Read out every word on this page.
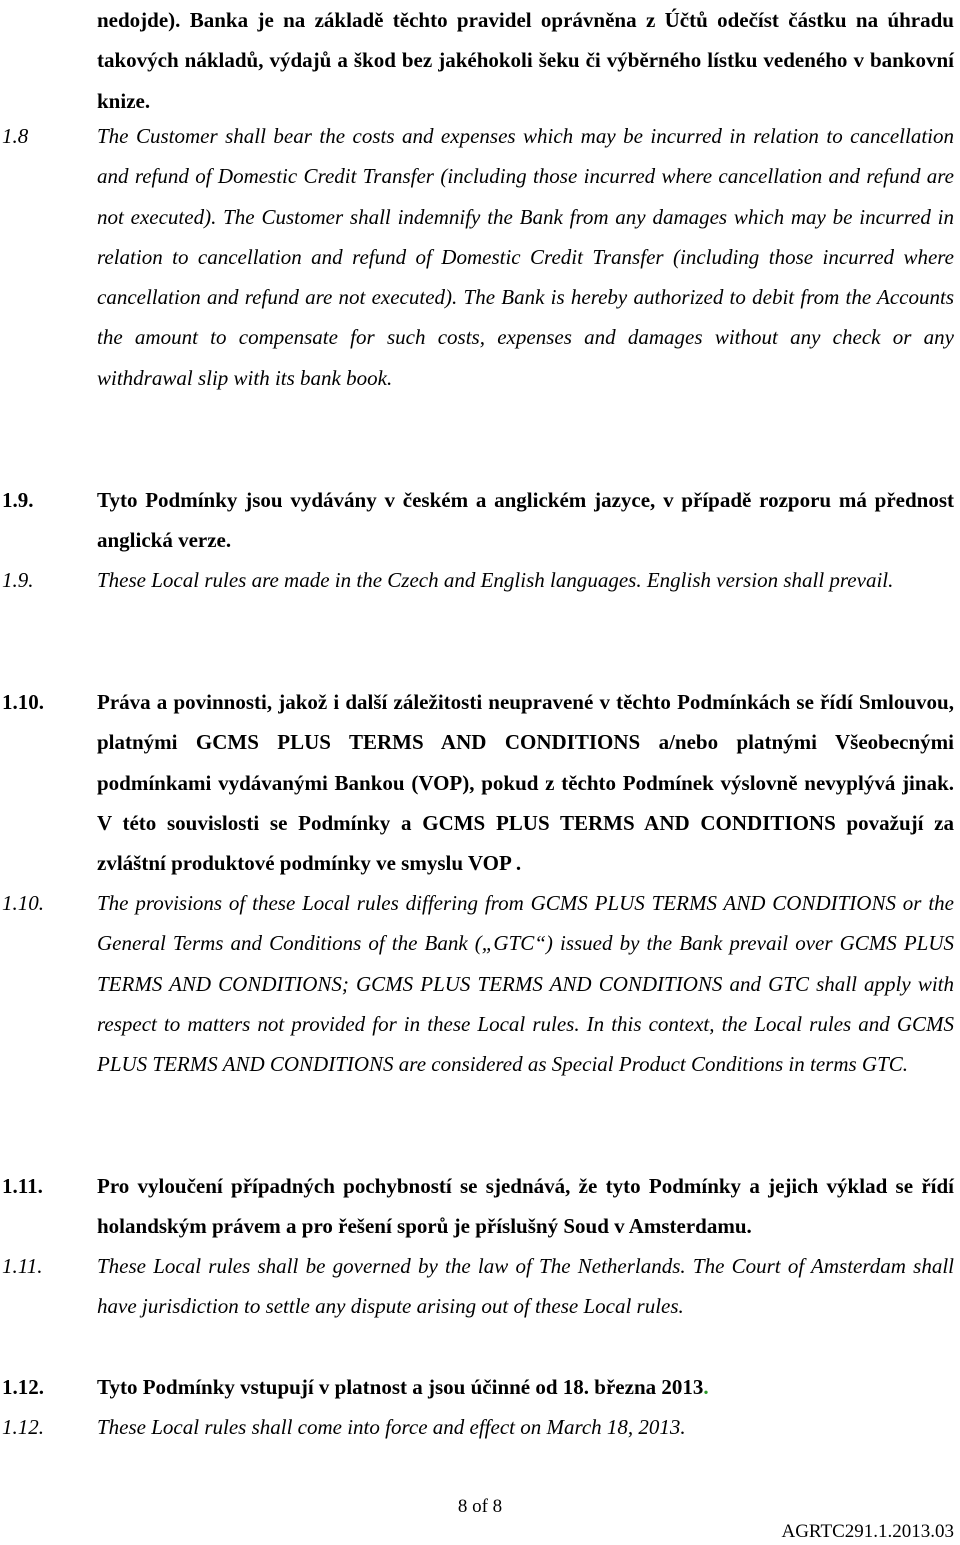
nedojde). Banka je na základě těchto pravidel oprávněna z Účtů odečíst částku na úhradu takových nákladů, výdajů a škod bez jakéhokoli šeku či výběrného lístku vedeného v bankovní knize.
1.8	The Customer shall bear the costs and expenses which may be incurred in relation to cancellation and refund of Domestic Credit Transfer (including those incurred where cancellation and refund are not executed). The Customer shall indemnify the Bank from any damages which may be incurred in relation to cancellation and refund of Domestic Credit Transfer (including those incurred where cancellation and refund are not executed). The Bank is hereby authorized to debit from the Accounts the amount to compensate for such costs, expenses and damages without any check or any withdrawal slip with its bank book.
1.9.	Tyto Podmínky jsou vydávány v českém a anglickém jazyce, v případě rozporu má přednost anglická verze.
1.9.	These Local rules are made in the Czech and English languages. English version shall prevail.
1.10.	Práva a povinnosti, jakož i další záležitosti neupravené v těchto Podmínkách se řídí Smlouvou, platnými GCMS PLUS TERMS AND CONDITIONS a/nebo platnými Všeobecnými podmínkami vydávanými Bankou (VOP), pokud z těchto Podmínek výslovně nevyplývá jinak. V této souvislosti se Podmínky a GCMS PLUS TERMS AND CONDITIONS považují za zvláštní produktové podmínky ve smyslu VOP .
1.10.	The provisions of these Local rules differing from GCMS PLUS TERMS AND CONDITIONS or the General Terms and Conditions of the Bank („GTC“) issued by the Bank prevail over GCMS PLUS TERMS AND CONDITIONS; GCMS PLUS TERMS AND CONDITIONS and GTC shall apply with respect to matters not provided for in these Local rules. In this context, the Local rules and GCMS PLUS TERMS AND CONDITIONS are considered as Special Product Conditions in terms GTC.
1.11.	Pro vyloučení případných pochybností se sjednává, že tyto Podmínky a jejich výklad se řídí holandským právem a pro řešení sporů je příslušný Soud v Amsterdamu.
1.11.	These Local rules shall be governed by the law of The Netherlands. The Court of Amsterdam shall have jurisdiction to settle any dispute arising out of these Local rules.
1.12.	Tyto Podmínky vstupují v platnost a jsou účinné od 18. března 2013.
1.12.	These Local rules shall come into force and effect on March 18, 2013.
8 of 8
AGRTC291.1.2013.03
